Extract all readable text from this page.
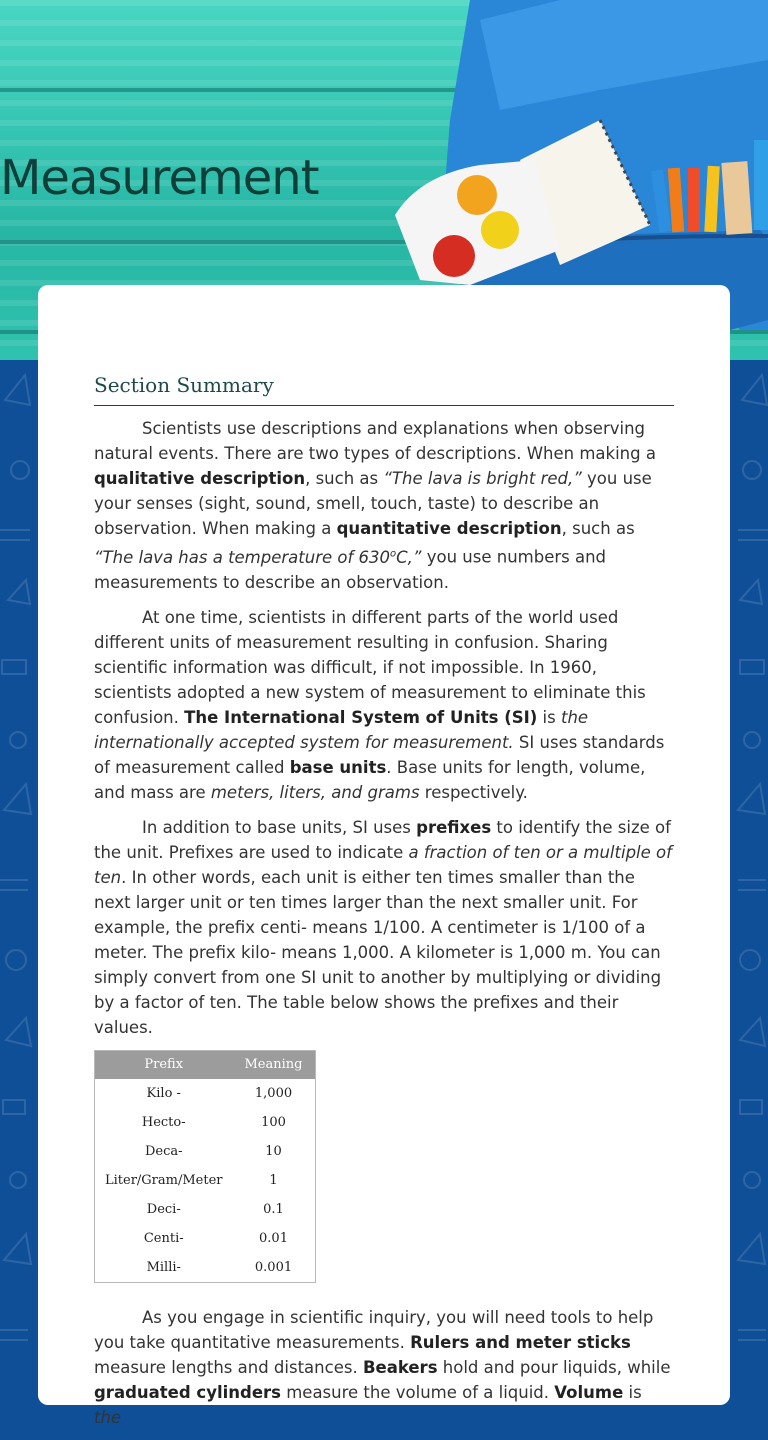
Measurement
Section Summary

Scientists use descriptions and explanations when observing natural events. There are two types of descriptions. When making a qualitative description, such as “The lava is bright red,” you use your senses (sight, sound, smell, touch, taste) to describe an observation. When making a quantitative description, such as “The lava has a temperature of 630$^o$C,” you use numbers and measurements to describe an observation.

At one time, scientists in different parts of the world used different units of measurement resulting in confusion. Sharing scientific information was difficult, if not impossible. In 1960, scientists adopted a new system of measurement to eliminate this confusion. The International System of Units (SI) is the internationally accepted system for measurement. SI uses standards of measurement called base units. Base units for length, volume, and mass are meters, liters, and grams respectively.

In addition to base units, SI uses prefixes to identify the size of the unit. Prefixes are used to indicate a fraction of ten or a multiple of ten. In other words, each unit is either ten times smaller than the next larger unit or ten times larger than the next smaller unit. For example, the prefix centi- means 1/100. A centimeter is 1/100 of a meter. The prefix kilo- means 1,000. A kilometer is 1,000 m. You can simply convert from one SI unit to another by multiplying or dividing by a factor of ten. The table below shows the prefixes and their values.

Prefix	Meaning
Kilo -	1,000
Hecto-	100
Deca-	10
Liter/Gram/Meter	1
Deci-	0.1
Centi-	0.01
Milli-	0.001

As you engage in scientific inquiry, you will need tools to help you take quantitative measurements. Rulers and meter sticks measure lengths and distances. Beakers hold and pour liquids, while graduated cylinders measure the volume of a liquid. Volume is the
